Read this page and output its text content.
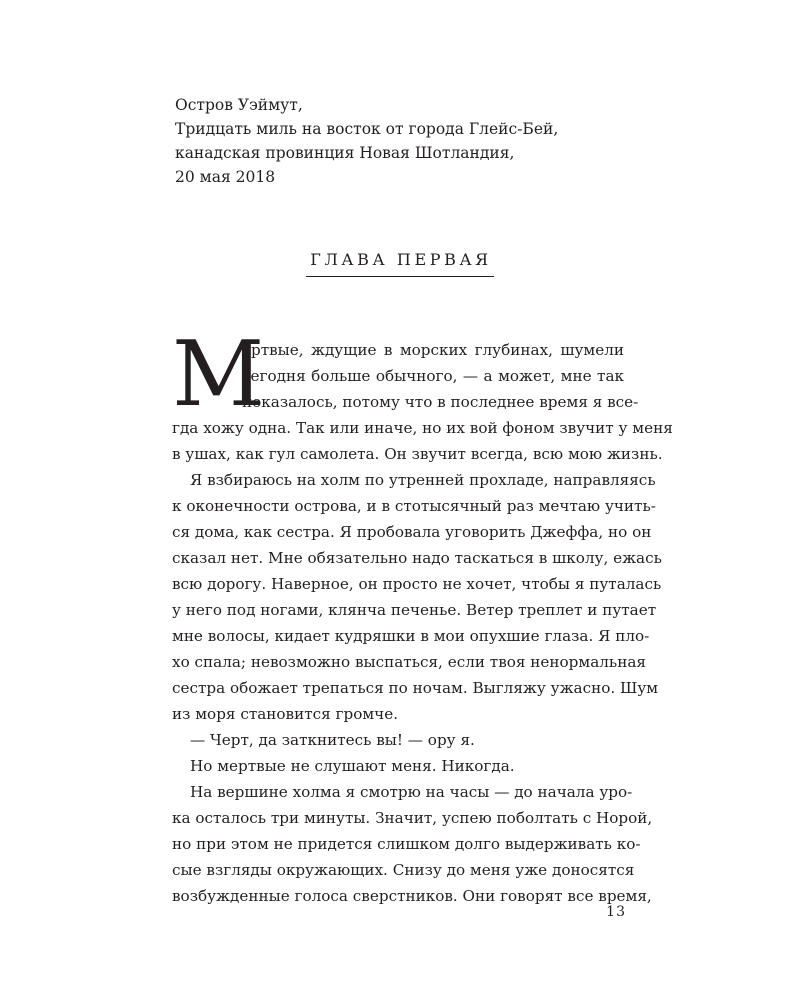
Остров Уэймут,
Тридцать миль на восток от города Глейс-Бей,
канадская провинция Новая Шотландия,
20 мая 2018
ГЛАВА ПЕРВАЯ
М
ертвые, ждущие в морских глубинах, шумели
сегодня больше обычного, — а может, мне так
показалось, потому что в последнее время я все-
гда хожу одна. Так или иначе, но их вой фоном звучит у меня
в ушах, как гул самолета. Он звучит всегда, всю мою жизнь.
Я взбираюсь на холм по утренней прохладе, направляясь
к оконечности острова, и в стотысячный раз мечтаю учить-
ся дома, как сестра. Я пробовала уговорить Джеффа, но он
сказал нет. Мне обязательно надо таскаться в школу, ежась
всю дорогу. Наверное, он просто не хочет, чтобы я путалась
у него под ногами, клянча печенье. Ветер треплет и путает
мне волосы, кидает кудряшки в мои опухшие глаза. Я пло-
хо спала; невозможно выспаться, если твоя ненормальная
сестра обожает трепаться по ночам. Выгляжу ужасно. Шум
из моря становится громче.
— Черт, да заткнитесь вы! — ору я.
Но мертвые не слушают меня. Никогда.
На вершине холма я смотрю на часы — до начала уро-
ка осталось три минуты. Значит, успею поболтать с Норой,
но при этом не придется слишком долго выдерживать ко-
сые взгляды окружающих. Снизу до меня уже доносятся
возбужденные голоса сверстников. Они говорят все время,
13
